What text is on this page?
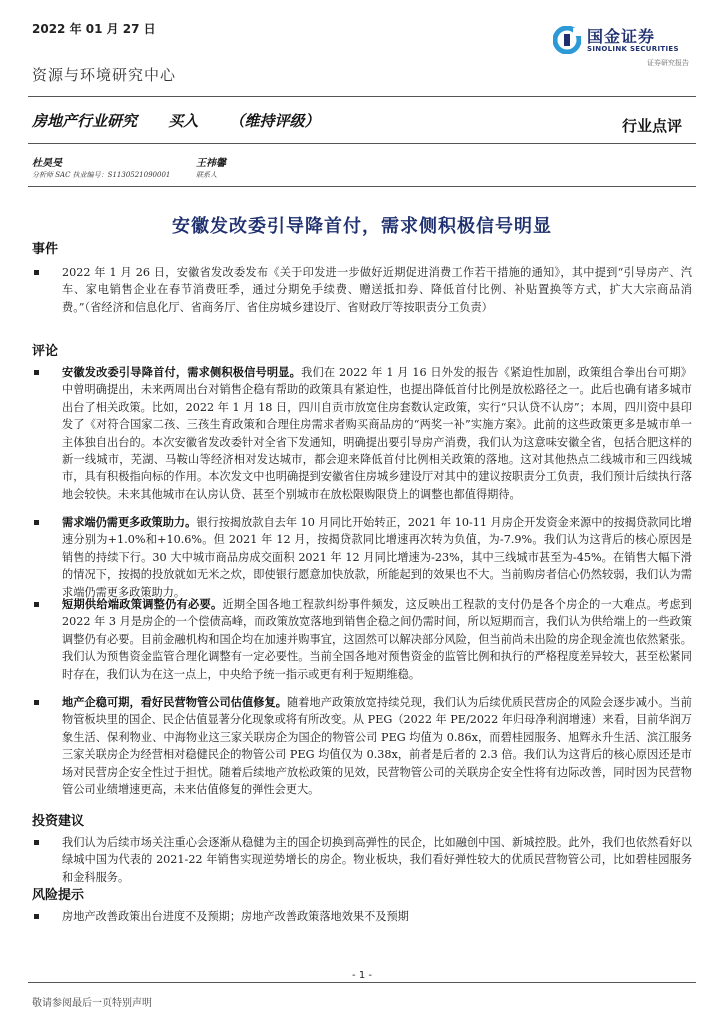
2022 年 01 月 27 日	国金证券
SINOLINK SECURITIES
证券研究报告
资源与环境研究中心
房地产行业研究 买入 （维持评级）	行业点评
杜昊旻
分析师 SAC 执业编号：S1130521090001
王祎馨
联系人
安徽发改委引导降首付，需求侧积极信号明显
事件
2022 年 1 月 26 日，安徽省发改委发布《关于印发进一步做好近期促进消费工作若干措施的通知》，其中提到“引导房产、汽车、家电销售企业在春节消费旺季，通过分期免手续费、赠送抵扣券、降低首付比例、补贴置换等方式，扩大大宗商品消费。”（省经济和信息化厅、省商务厅、省住房城乡建设厅、省财政厅等按职责分工负责）
评论
安徽发改委引导降首付，需求侧积极信号明显。我们在 2022 年 1 月 16 日外发的报告《紧迫性加剧，政策组合拳出台可期》中曾明确提出，未来两周出台对销售企稳有帮助的政策具有紧迫性，也提出降低首付比例是放松路径之一。此后也确有诸多城市出台了相关政策。比如，2022 年 1 月 18 日，四川自贡市放宽住房套数认定政策，实行“只认贷不认房”；本周，四川资中县印发了《对符合国家二孩、三孩生育政策和合理住房需求者购买商品房的“两奖一补”实施方案》。此前的这些政策更多是城市单一主体独自出台的。本次安徽省发改委针对全省下发通知，明确提出要引导房产消费，我们认为这意味安徽全省，包括合肥这样的新一线城市，芜湖、马鞍山等经济相对发达城市，都会迎来降低首付比例相关政策的落地。这对其他热点二线城市和三四线城市，具有积极指向标的作用。本次发文中也明确提到安徽省住房城乡建设厅对其中的建议按职责分工负责，我们预计后续执行落地会较快。未来其他城市在认房认贷、甚至个别城市在放松限购限贷上的调整也都值得期待。
需求端仍需更多政策助力。银行按揭放款自去年 10 月同比开始转正，2021 年 10-11 月房企开发资金来源中的按揭贷款同比增速分别为+1.0%和+10.6%。但 2021 年 12 月，按揭贷款同比增速再次转为负值，为-7.9%。我们认为这背后的核心原因是销售的持续下行。30 大中城市商品房成交面积 2021 年 12 月同比增速为-23%，其中三线城市甚至为-45%。在销售大幅下滑的情况下，按揭的投放就如无米之炊，即使银行愿意加快放款，所能起到的效果也不大。当前购房者信心仍然较弱，我们认为需求端仍需更多政策助力。
短期供给端政策调整仍有必要。近期全国各地工程款纠纷事件频发，这反映出工程款的支付仍是各个房企的一大难点。考虑到 2022 年 3 月是房企的一个偿债高峰，而政策放宽落地到销售企稳之间仍需时间，所以短期而言，我们认为供给端上的一些政策调整仍有必要。目前金融机构和国企均在加速并购事宜，这固然可以解决部分风险，但当前尚未出险的房企现金流也依然紧张。我们认为预售资金监管合理化调整有一定必要性。当前全国各地对预售资金的监管比例和执行的严格程度差异较大，甚至松紧同时存在，我们认为在这一点上，中央给予统一指示或更有利于短期维稳。
地产企稳可期，看好民营物管公司估值修复。随着地产政策放宽持续兑现，我们认为后续优质民营房企的风险会逐步减小。当前物管板块里的国企、民企估值显著分化现象或将有所改变。从 PEG（2022 年 PE/2022 年归母净利润增速）来看，目前华润万象生活、保利物业、中海物业这三家关联房企为国企的物管公司 PEG 均值为 0.86x，而碧桂园服务、旭辉永升生活、滨江服务三家关联房企为经营相对稳健民企的物管公司 PEG 均值仅为 0.38x，前者是后者的 2.3 倍。我们认为这背后的核心原因还是市场对民营房企安全性过于担忧。随着后续地产放松政策的见效，民营物管公司的关联房企安全性将有边际改善，同时因为民营物管公司业绩增速更高，未来估值修复的弹性会更大。
投资建议
我们认为后续市场关注重心会逐渐从稳健为主的国企切换到高弹性的民企，比如融创中国、新城控股。此外，我们也依然看好以绿城中国为代表的 2021-22 年销售实现逆势增长的房企。物业板块，我们看好弹性较大的优质民营物管公司，比如碧桂园服务和金科服务。
风险提示
房地产改善政策出台进度不及预期；房地产改善政策落地效果不及预期
- 1 -
敬请参阅最后一页特别声明
